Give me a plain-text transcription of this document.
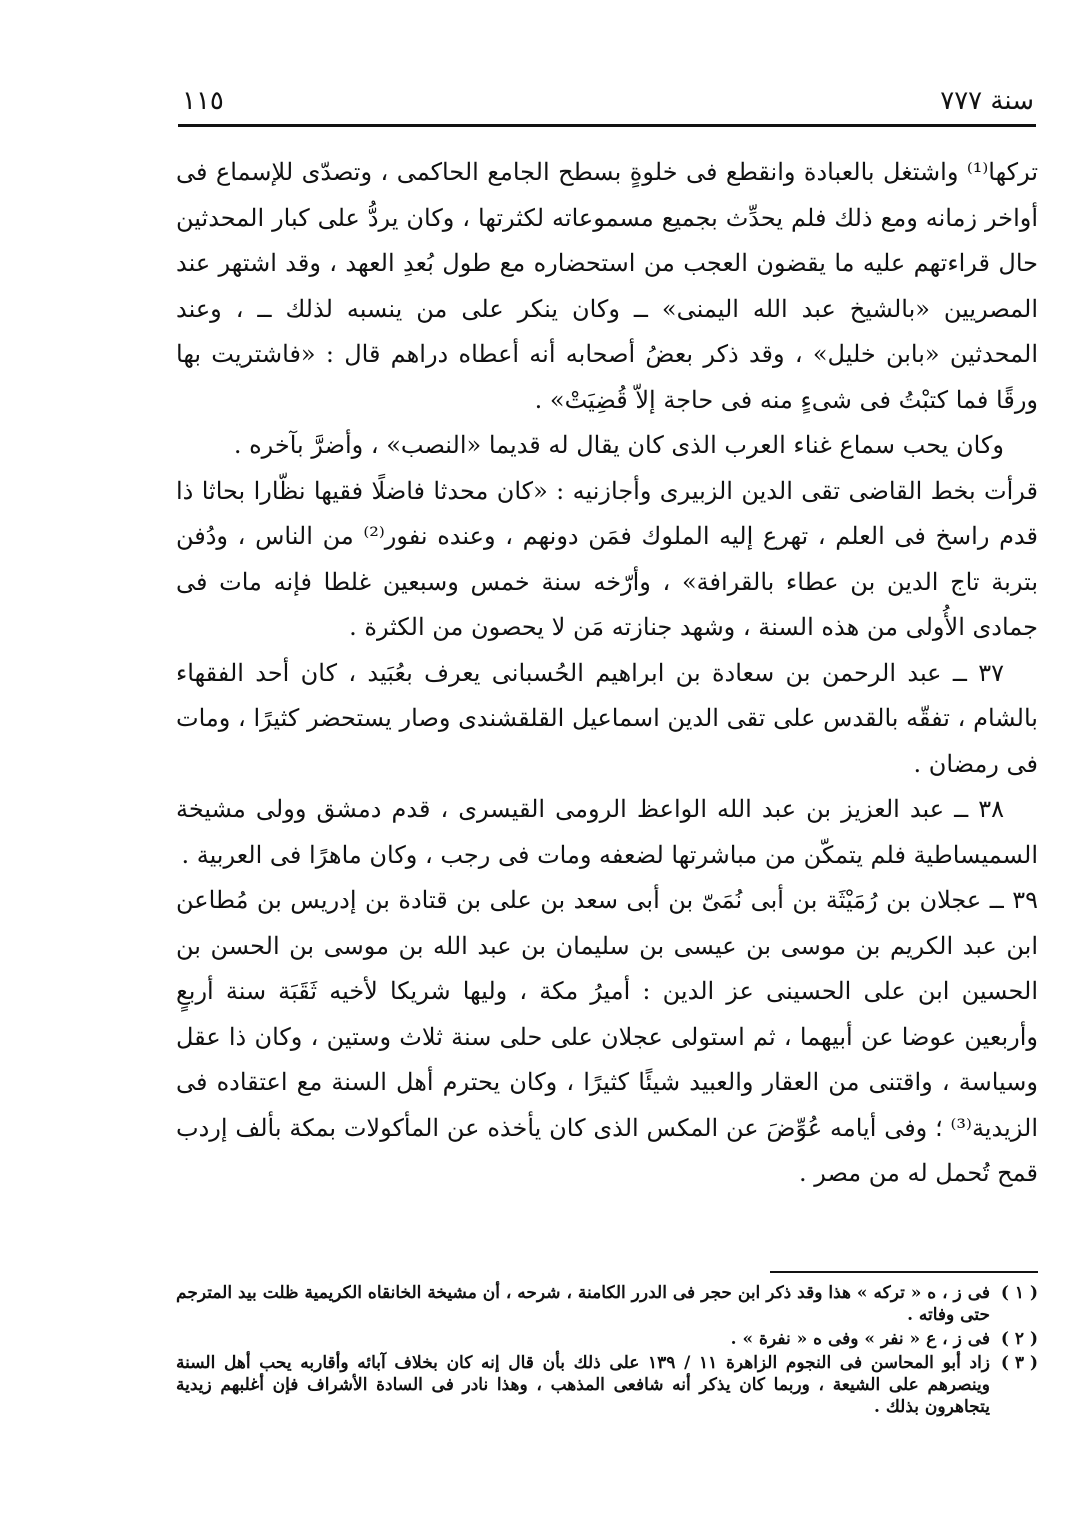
سنة ٧٧٧
١١٥

تركها⁽¹⁾ واشتغل بالعبادة وانقطع فى خلوةٍ بسطح الجامع الحاكمى ، وتصدّى للإسماع فى أواخر زمانه ومع ذلك فلم يحدِّث بجميع مسموعاته لكثرتها ، وكان يردُّ على كبار المحدثين حال قراءتهم عليه ما يقضون العجب من استحضاره مع طول بُعدِ العهد ، وقد اشتهر عند المصريين «بالشيخ عبد الله اليمنى» ــ وكان ينكر على من ينسبه لذلك ــ ، وعند المحدثين «بابن خليل» ، وقد ذكر بعضُ أصحابه أنه أعطاه دراهم قال : «فاشتريت بها ورقًا فما كتبْتُ فى شىءٍ منه فى حاجة إلاّ قُضِيَتْ» .

وكان يحب سماع غناء العرب الذى كان يقال له قديما «النصب» ، وأضرَّ بآخره .

قرأت بخط القاضى تقى الدين الزبيرى وأجازنيه : «كان محدثا فاضلًا فقيها نظّارا بحاثا ذا قدم راسخ فى العلم ، تهرع إليه الملوك فمَن دونهم ، وعنده نفور⁽²⁾ من الناس ، ودُفن بتربة تاج الدين بن عطاء بالقرافة» ، وأرّخه سنة خمس وسبعين غلطا فإنه مات فى جمادى الأُولى من هذه السنة ، وشهد جنازته مَن لا يحصون من الكثرة .

٣٧ ــ عبد الرحمن بن سعادة بن ابراهيم الحُسبانى يعرف بعُبَيد ، كان أحد الفقهاء بالشام ، تفقّه بالقدس على تقى الدين اسماعيل القلقشندى وصار يستحضر كثيرًا ، ومات فى رمضان .

٣٨ ــ عبد العزيز بن عبد الله الواعظ الرومى القيسرى ، قدم دمشق وولى مشيخة السميساطية فلم يتمكّن من مباشرتها لضعفه ومات فى رجب ، وكان ماهرًا فى العربية .

٣٩ ــ عجلان بن رُمَيْثَة بن أبى نُمَىّ بن أبى سعد بن على بن قتادة بن إدريس بن مُطاعن ابن عبد الكريم بن موسى بن عيسى بن سليمان بن عبد الله بن موسى بن الحسن بن الحسين ابن على الحسينى عز الدين : أميرُ مكة ، وليها شريكا لأخيه ثَقَبَة سنة أربعٍ وأربعين عوضا عن أبيهما ، ثم استولى عجلان على حلى سنة ثلاث وستين ، وكان ذا عقل وسياسة ، واقتنى من العقار والعبيد شيئًا كثيرًا ، وكان يحترم أهل السنة مع اعتقاده فى الزيدية⁽³⁾ ؛ وفى أيامه عُوِّضَ عن المكس الذى كان يأخذه عن المأكولات بمكة بألف إردب قمح تُحمل له من مصر .

( ١ )
فى ز ، ه « تركه » هذا وقد ذكر ابن حجر فى الدرر الكامنة ، شرحه ، أن مشيخة الخانقاه الكريمية ظلت بيد المترجم حتى وفاته .
( ٢ )
فى ز ، ع « نفر » وفى ه « نفرة » .
( ٣ )
زاد أبو المحاسن فى النجوم الزاهرة ١١ / ١٣٩ على ذلك بأن قال إنه كان بخلاف آبائه وأقاربه يحب أهل السنة وينصرهم على الشيعة ، وربما كان يذكر أنه شافعى المذهب ، وهذا نادر فى السادة الأشراف فإن أغلبهم زيدية يتجاهرون بذلك .
